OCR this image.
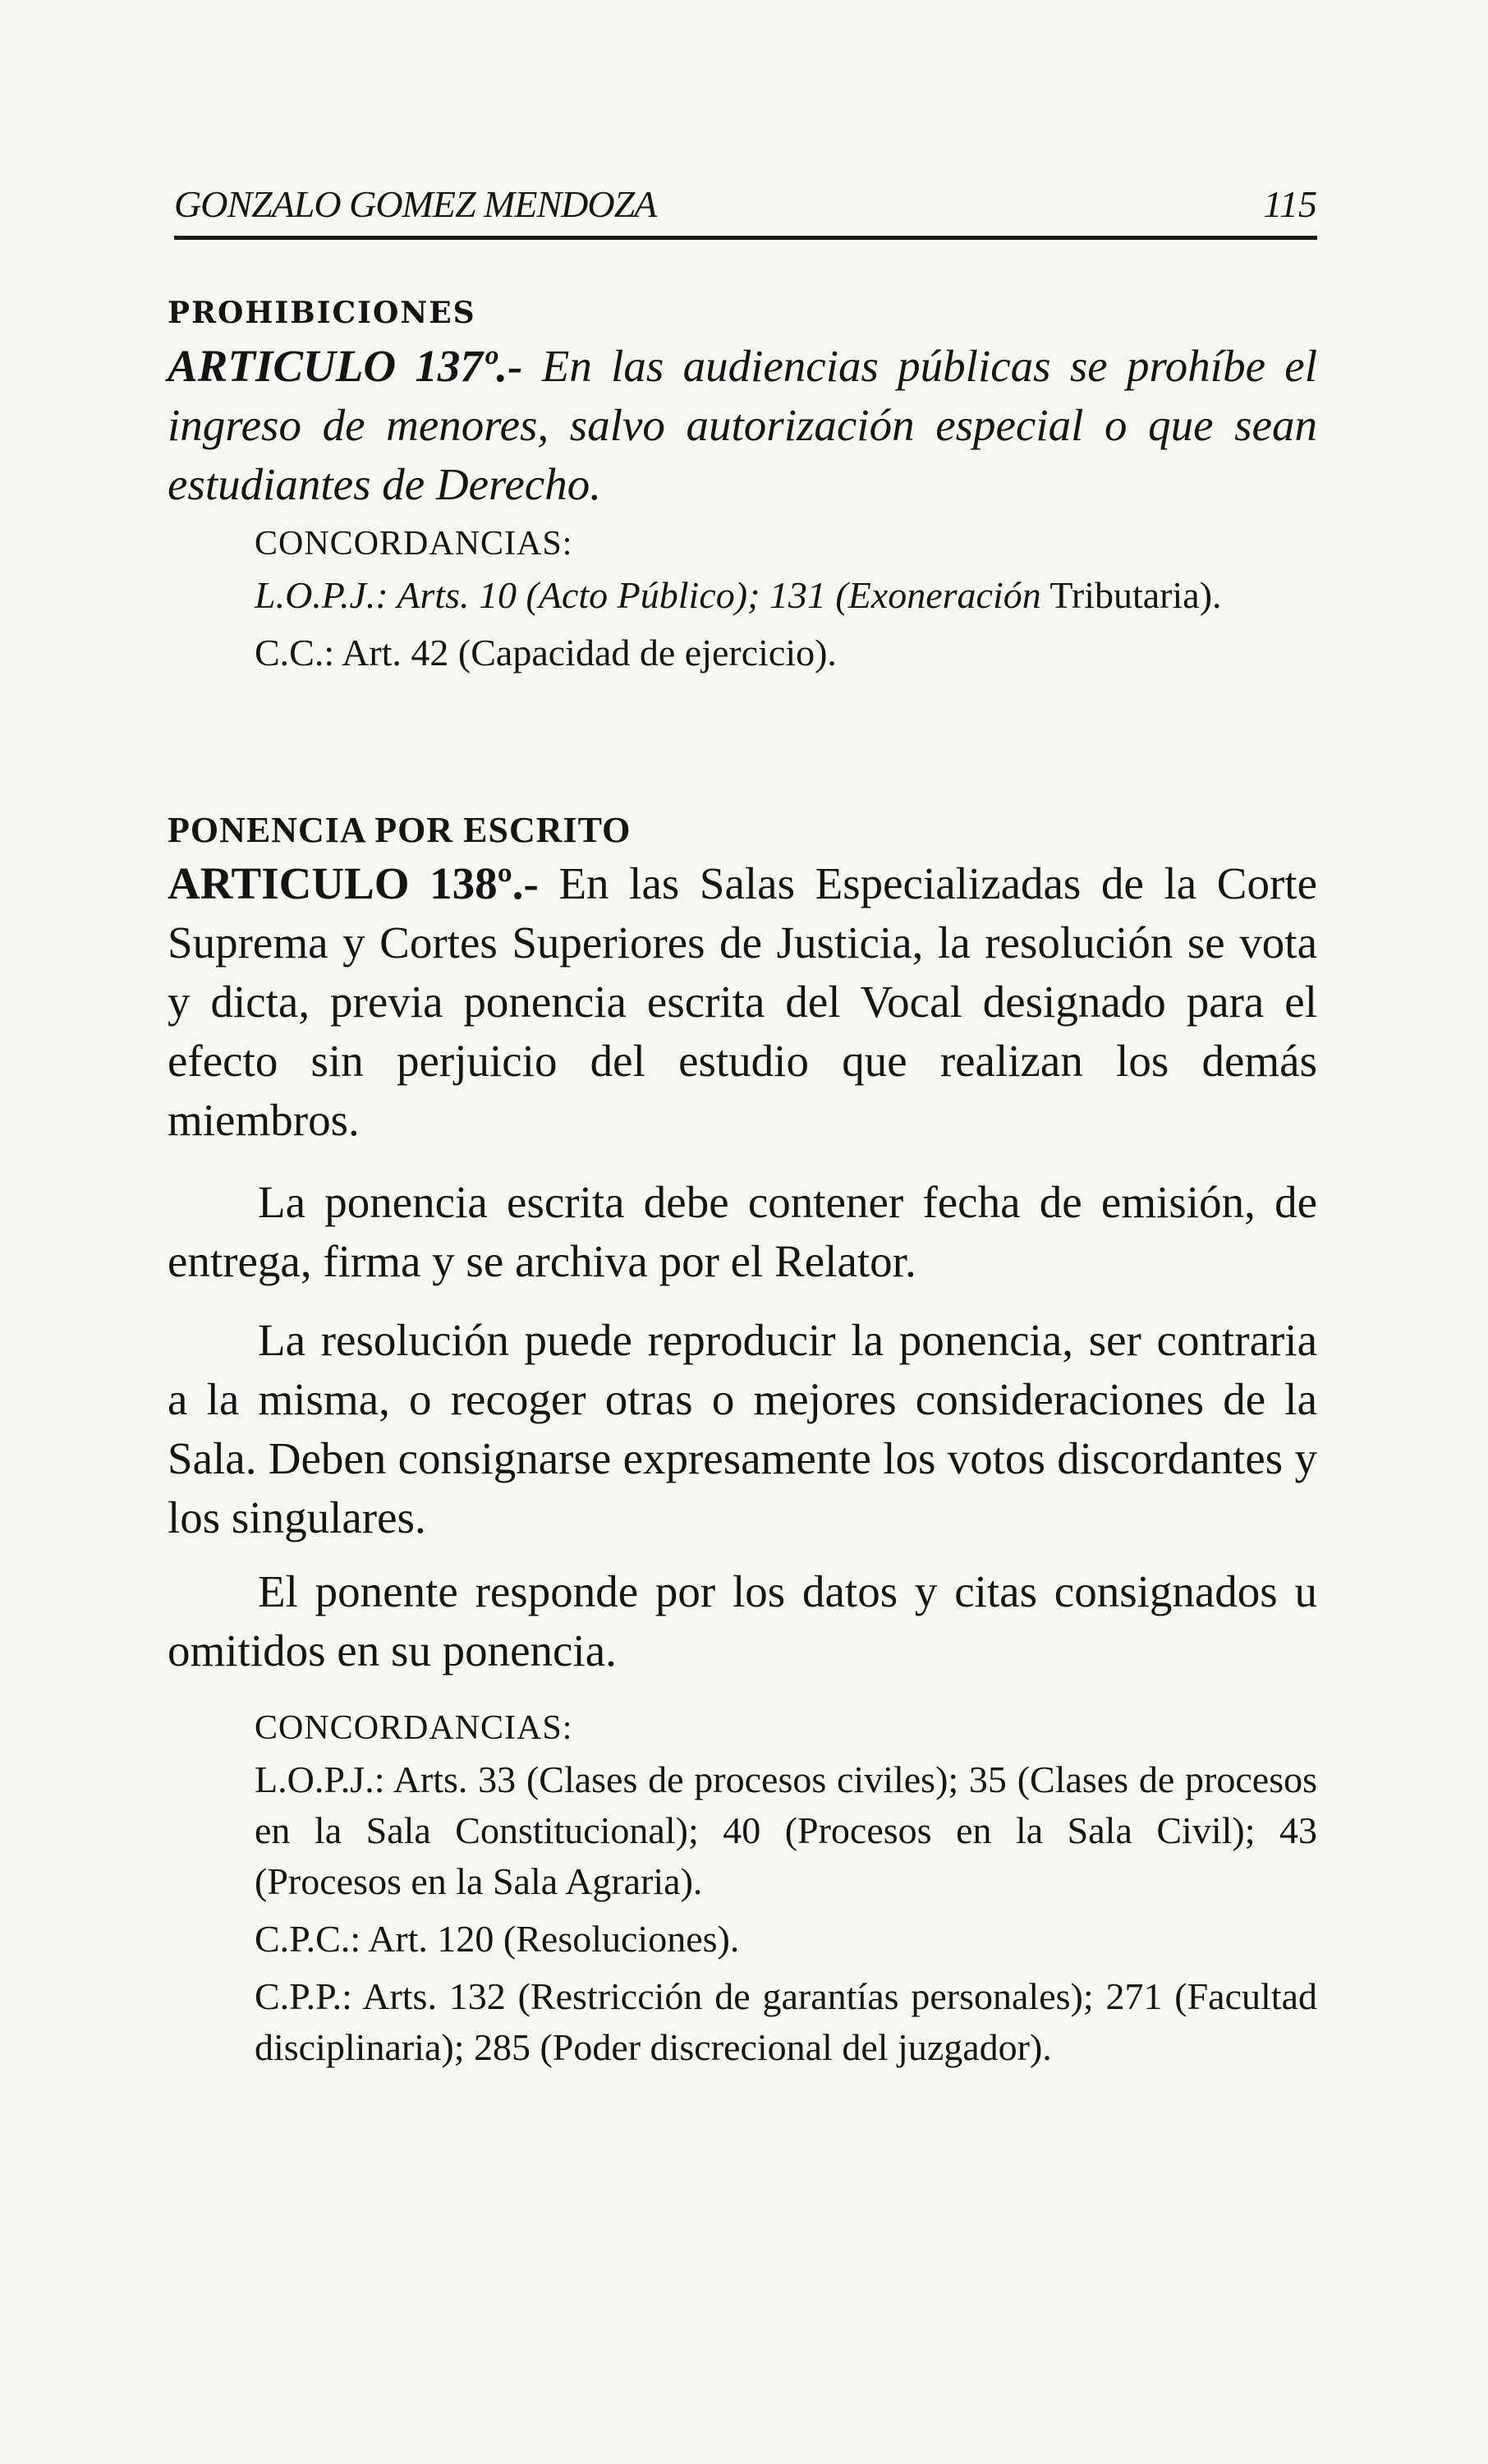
GONZALO GOMEZ MENDOZA	115
PROHIBICIONES

ARTICULO 137º.- En las audiencias públicas se prohíbe el ingreso de menores, salvo autorización especial o que sean estudiantes de Derecho.

CONCORDANCIAS:

L.O.P.J.: Arts. 10 (Acto Público); 131 (Exoneración Tributaria).

C.C.: Art. 42 (Capacidad de ejercicio).

PONENCIA POR ESCRITO

ARTICULO 138º.- En las Salas Especializadas de la Corte Suprema y Cortes Superiores de Justicia, la resolución se vota y dicta, previa ponencia escrita del Vocal designado para el efecto sin perjuicio del estudio que realizan los demás miembros.

La ponencia escrita debe contener fecha de emisión, de entrega, firma y se archiva por el Relator.

La resolución puede reproducir la ponencia, ser contraria a la misma, o recoger otras o mejores consideraciones de la Sala. Deben consignarse expresamente los votos discordantes y los singulares.

El ponente responde por los datos y citas consignados u omitidos en su ponencia.

CONCORDANCIAS:

L.O.P.J.: Arts. 33 (Clases de procesos civiles); 35 (Clases de procesos en la Sala Constitucional); 40 (Procesos en la Sala Civil); 43 (Procesos en la Sala Agraria).

C.P.C.: Art. 120 (Resoluciones).

C.P.P.: Arts. 132 (Restricción de garantías personales); 271 (Facultad disciplinaria); 285 (Poder discrecional del juzgador).
